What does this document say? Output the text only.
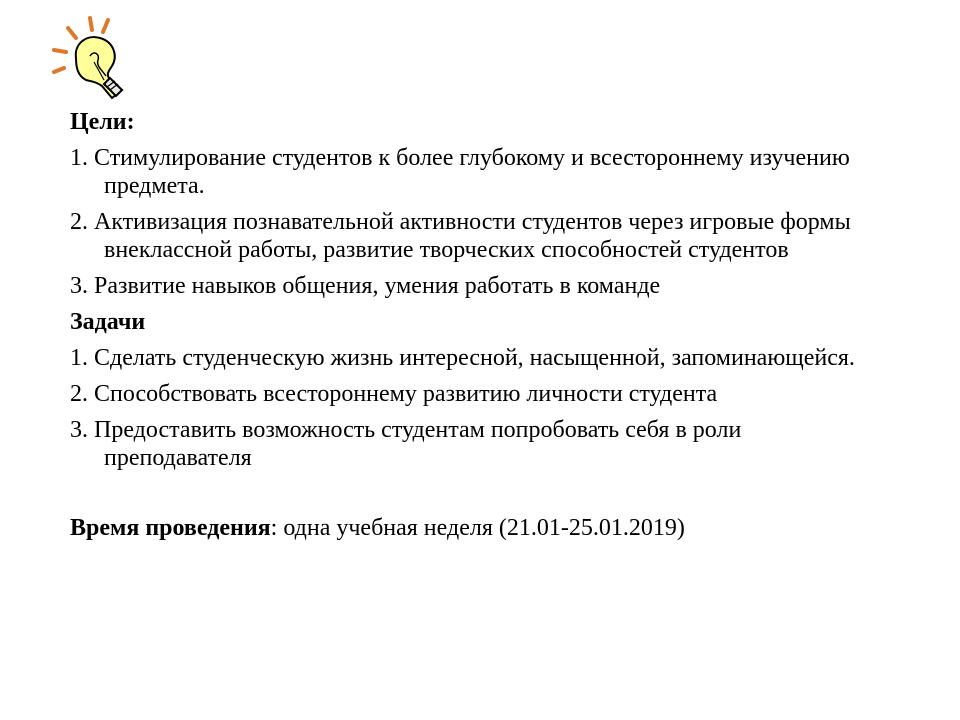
Цели:
1. Стимулирование студентов к более глубокому и всестороннему изучению предмета.
2. Активизация познавательной активности студентов через игровые формы внеклассной работы, развитие творческих способностей студентов
3. Развитие навыков общения, умения работать в команде
Задачи
1. Сделать студенческую жизнь интересной, насыщенной, запоминающейся.
2. Способствовать всестороннему развитию личности студента
3. Предоставить возможность студентам попробовать себя в роли преподавателя
Время проведения: одна учебная неделя (21.01-25.01.2019)
